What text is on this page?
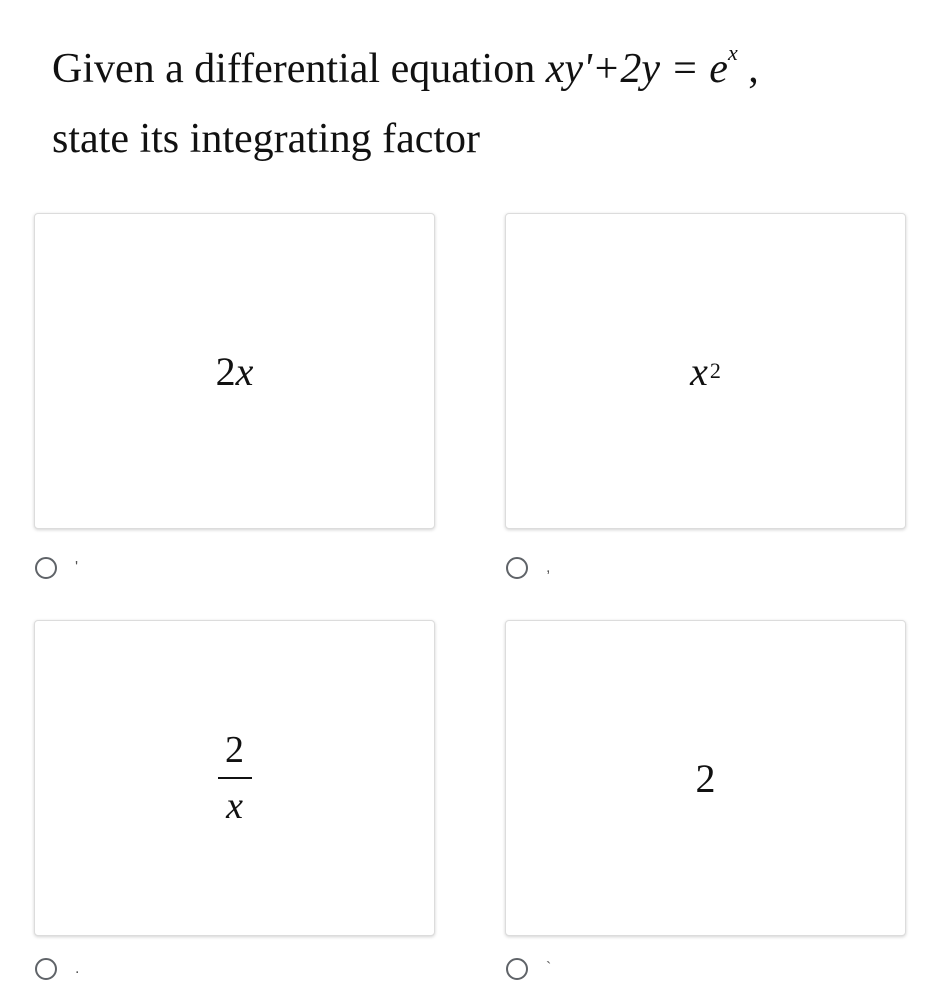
Given a differential equation $xy'+2y = e^x$ ,
state its integrating factor
2 x
'
x 2
,
$\frac{2}{x}$
.
2
`
